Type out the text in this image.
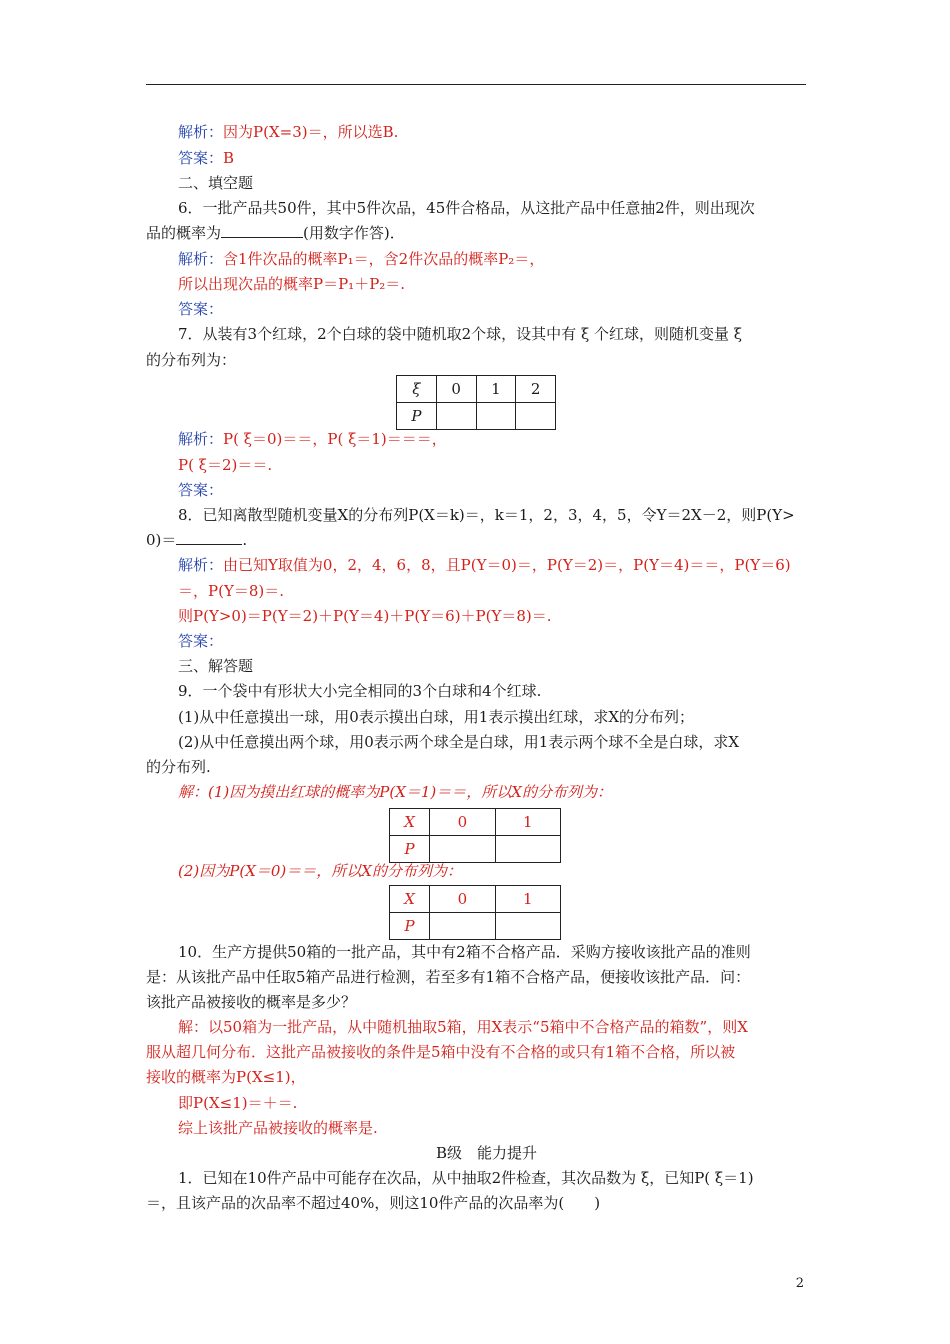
解析：因为P(X=3)＝，所以选B.
答案：B
二、填空题
6．一批产品共50件，其中5件次品，45件合格品，从这批产品中任意抽2件，则出现次
品的概率为	(用数字作答)．
解析：含1件次品的概率P₁＝，含2件次品的概率P₂＝，
所以出现次品的概率P＝P₁＋P₂＝.
答案：
7．从装有3个红球，2个白球的袋中随机取2个球，设其中有 ξ 个红球，则随机变量 ξ
的分布列为：
ξ	0	1	2
P			
解析：P( ξ＝0)＝＝，P( ξ＝1)＝＝＝，
P( ξ＝2)＝＝.
答案：
8．已知离散型随机变量X的分布列P(X＝k)＝，k＝1，2，3，4，5，令Y＝2X－2，则P(Y>
0)＝	.
解析：由已知Y取值为0，2，4，6，8，且P(Y＝0)＝，P(Y＝2)＝，P(Y＝4)＝＝，P(Y＝6)
＝，P(Y＝8)＝.
则P(Y>0)＝P(Y＝2)＋P(Y＝4)＋P(Y＝6)＋P(Y＝8)＝.
答案：
三、解答题
9．一个袋中有形状大小完全相同的3个白球和4个红球.
(1)从中任意摸出一球，用0表示摸出白球，用1表示摸出红球，求X的分布列；
(2)从中任意摸出两个球，用0表示两个球全是白球，用1表示两个球不全是白球，求X
的分布列.
解：(1)因为摸出红球的概率为P(X＝1)＝＝，所以X的分布列为：
X	0	1
P		
(2)因为P(X＝0)＝＝，所以X的分布列为：
X	0	1
P		
10．生产方提供50箱的一批产品，其中有2箱不合格产品．采购方接收该批产品的准则
是：从该批产品中任取5箱产品进行检测，若至多有1箱不合格产品，便接收该批产品．问：
该批产品被接收的概率是多少？
解：以50箱为一批产品，从中随机抽取5箱，用X表示“5箱中不合格产品的箱数”，则X
服从超几何分布．这批产品被接收的条件是5箱中没有不合格的或只有1箱不合格，所以被
接收的概率为P(X≤1)，
即P(X≤1)＝＋＝.
综上该批产品被接收的概率是.
B级　能力提升
1．已知在10件产品中可能存在次品，从中抽取2件检查，其次品数为 ξ，已知P( ξ＝1)
＝，且该产品的次品率不超过40%，则这10件产品的次品率为(　　)
2
